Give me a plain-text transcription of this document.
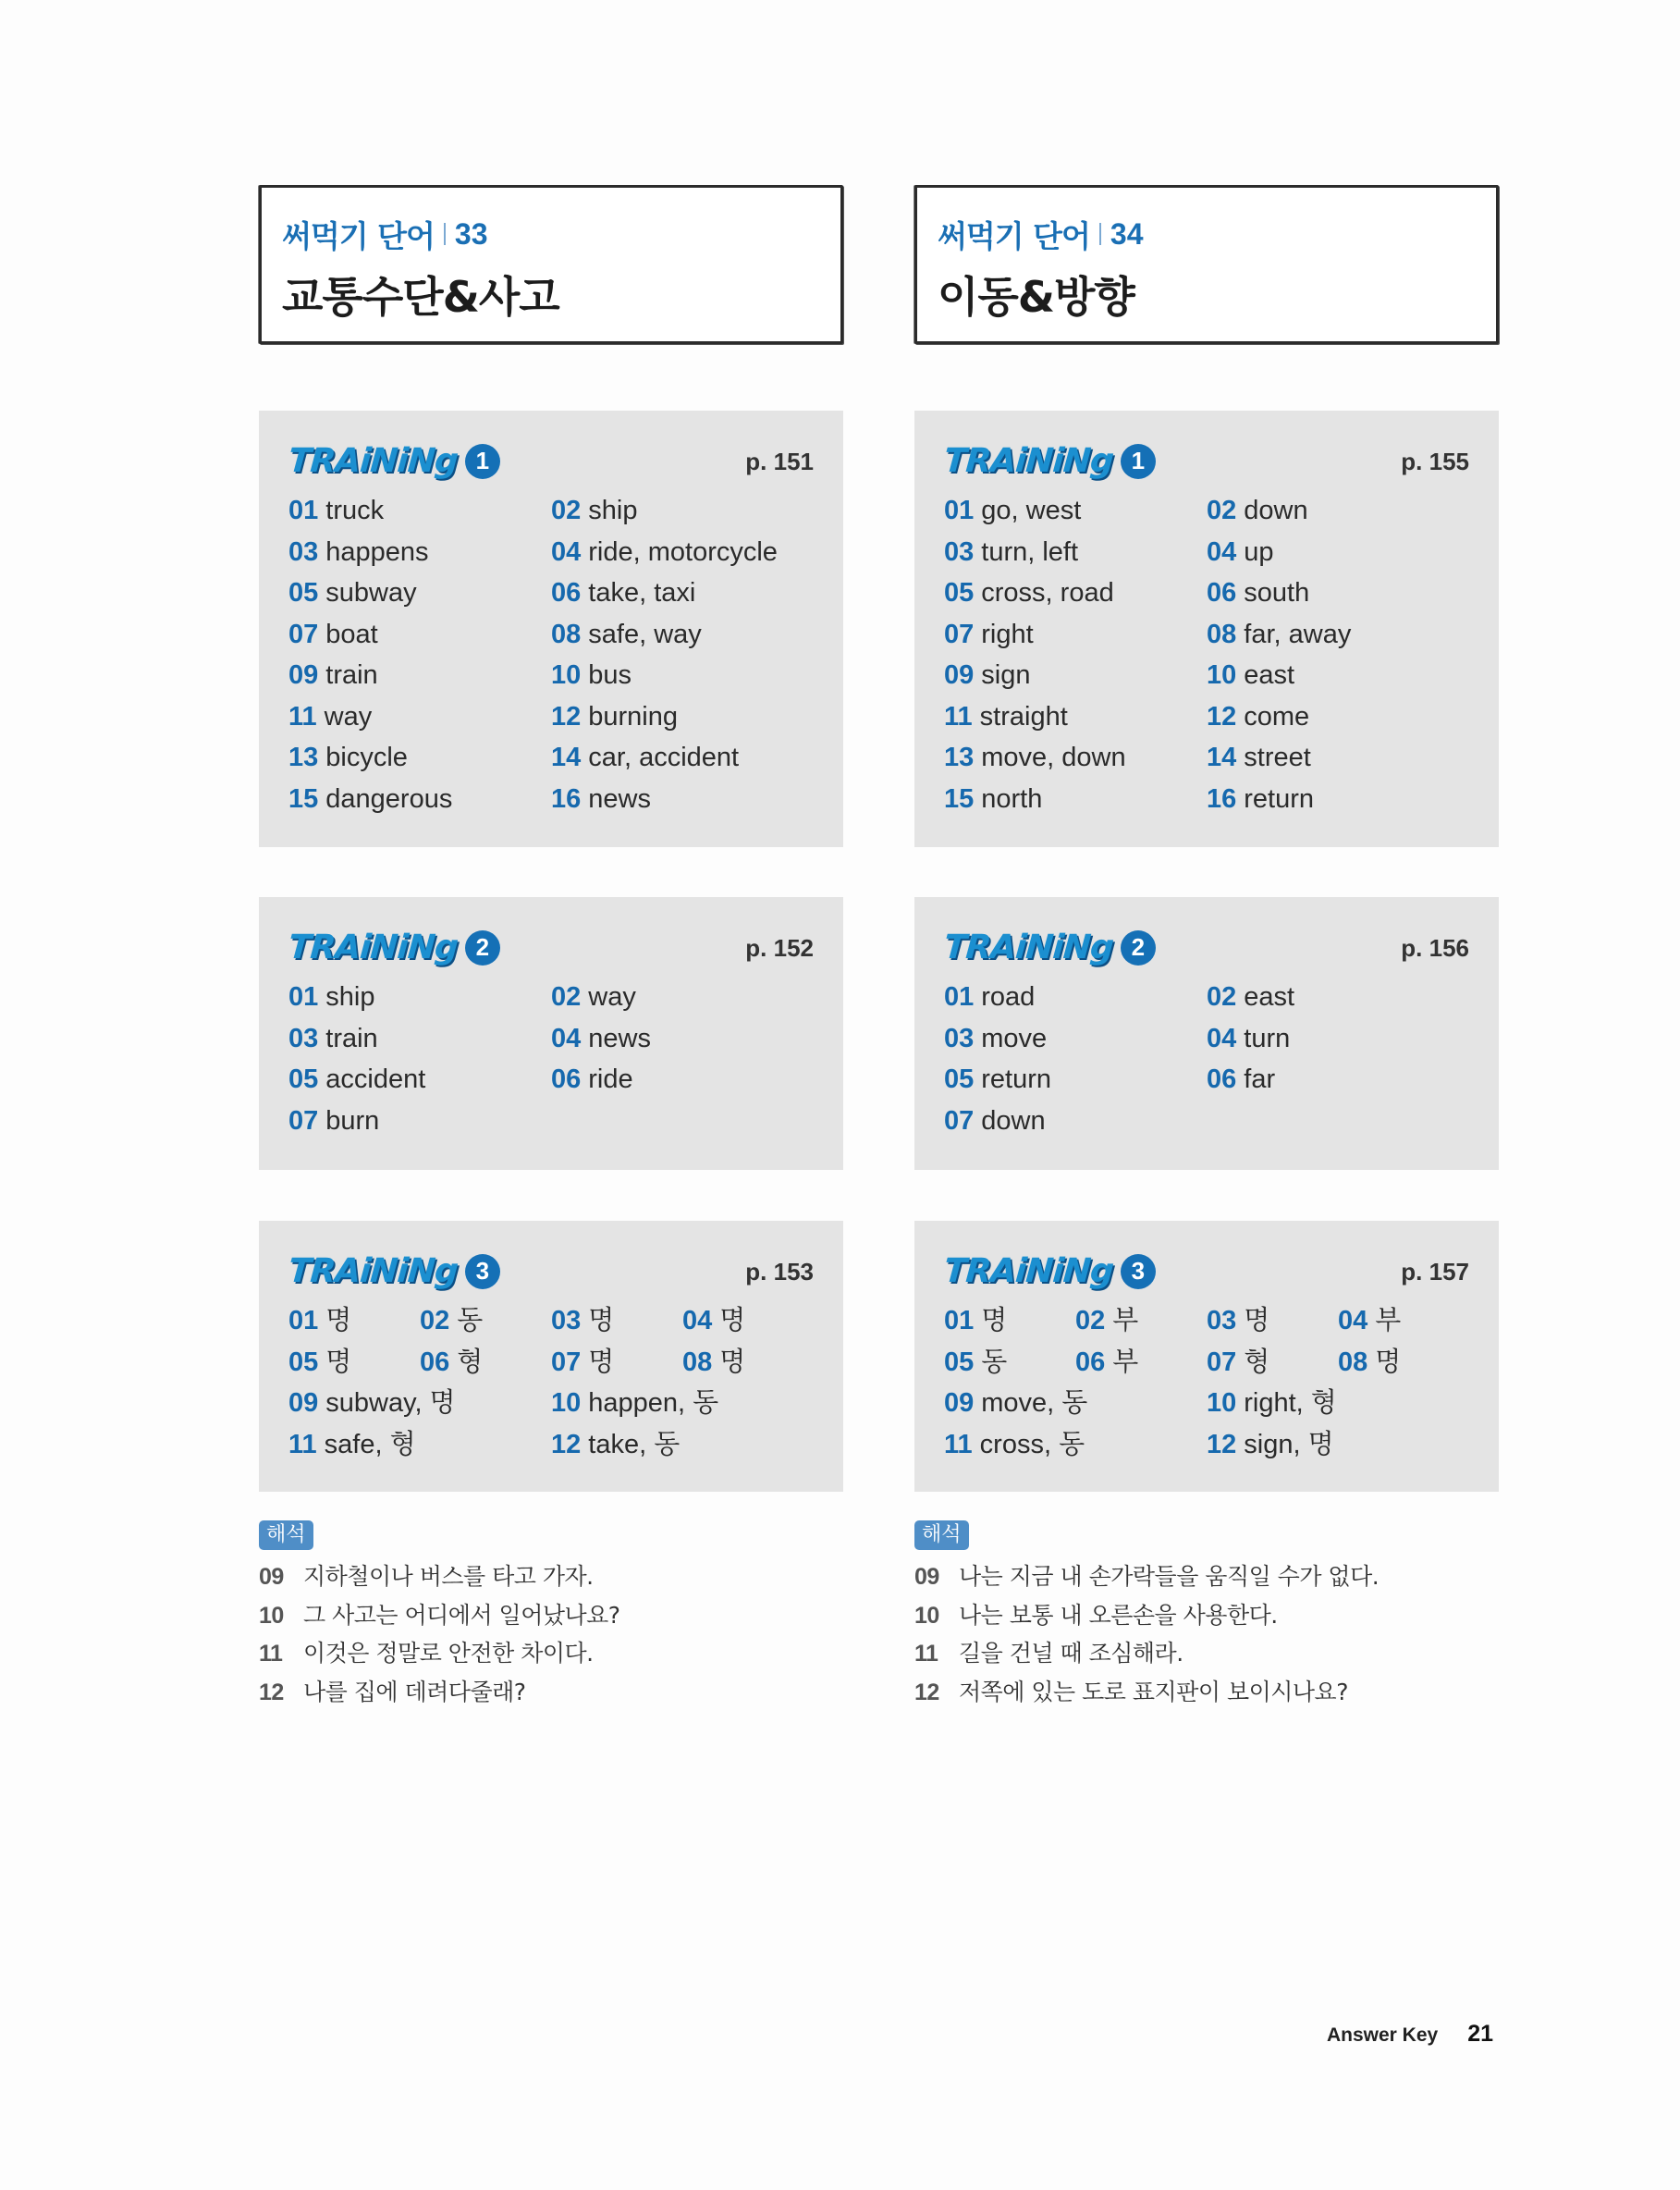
써먹기 단어 33
교통수단&사고
TRAiNiNg 1	p. 151
01 truck	02 ship
03 happens	04 ride, motorcycle
05 subway	06 take, taxi
07 boat	08 safe, way
09 train	10 bus
11 way	12 burning
13 bicycle	14 car, accident
15 dangerous	16 news
TRAiNiNg 2	p. 152
01 ship	02 way
03 train	04 news
05 accident	06 ride
07 burn
TRAiNiNg 3	p. 153
01 명	02 동	03 명	04 명
05 명	06 형	07 명	08 명
09 subway, 명	10 happen, 동
11 safe, 형	12 take, 동
해석
09 지하철이나 버스를 타고 가자.
10 그 사고는 어디에서 일어났나요?
11 이것은 정말로 안전한 차이다.
12 나를 집에 데려다줄래?
써먹기 단어 34
이동&방향
TRAiNiNg 1	p. 155
01 go, west	02 down
03 turn, left	04 up
05 cross, road	06 south
07 right	08 far, away
09 sign	10 east
11 straight	12 come
13 move, down	14 street
15 north	16 return
TRAiNiNg 2	p. 156
01 road	02 east
03 move	04 turn
05 return	06 far
07 down
TRAiNiNg 3	p. 157
01 명	02 부	03 명	04 부
05 동	06 부	07 형	08 명
09 move, 동	10 right, 형
11 cross, 동	12 sign, 명
해석
09 나는 지금 내 손가락들을 움직일 수가 없다.
10 나는 보통 내 오른손을 사용한다.
11 길을 건널 때 조심해라.
12 저쪽에 있는 도로 표지판이 보이시나요?
Answer Key 21
